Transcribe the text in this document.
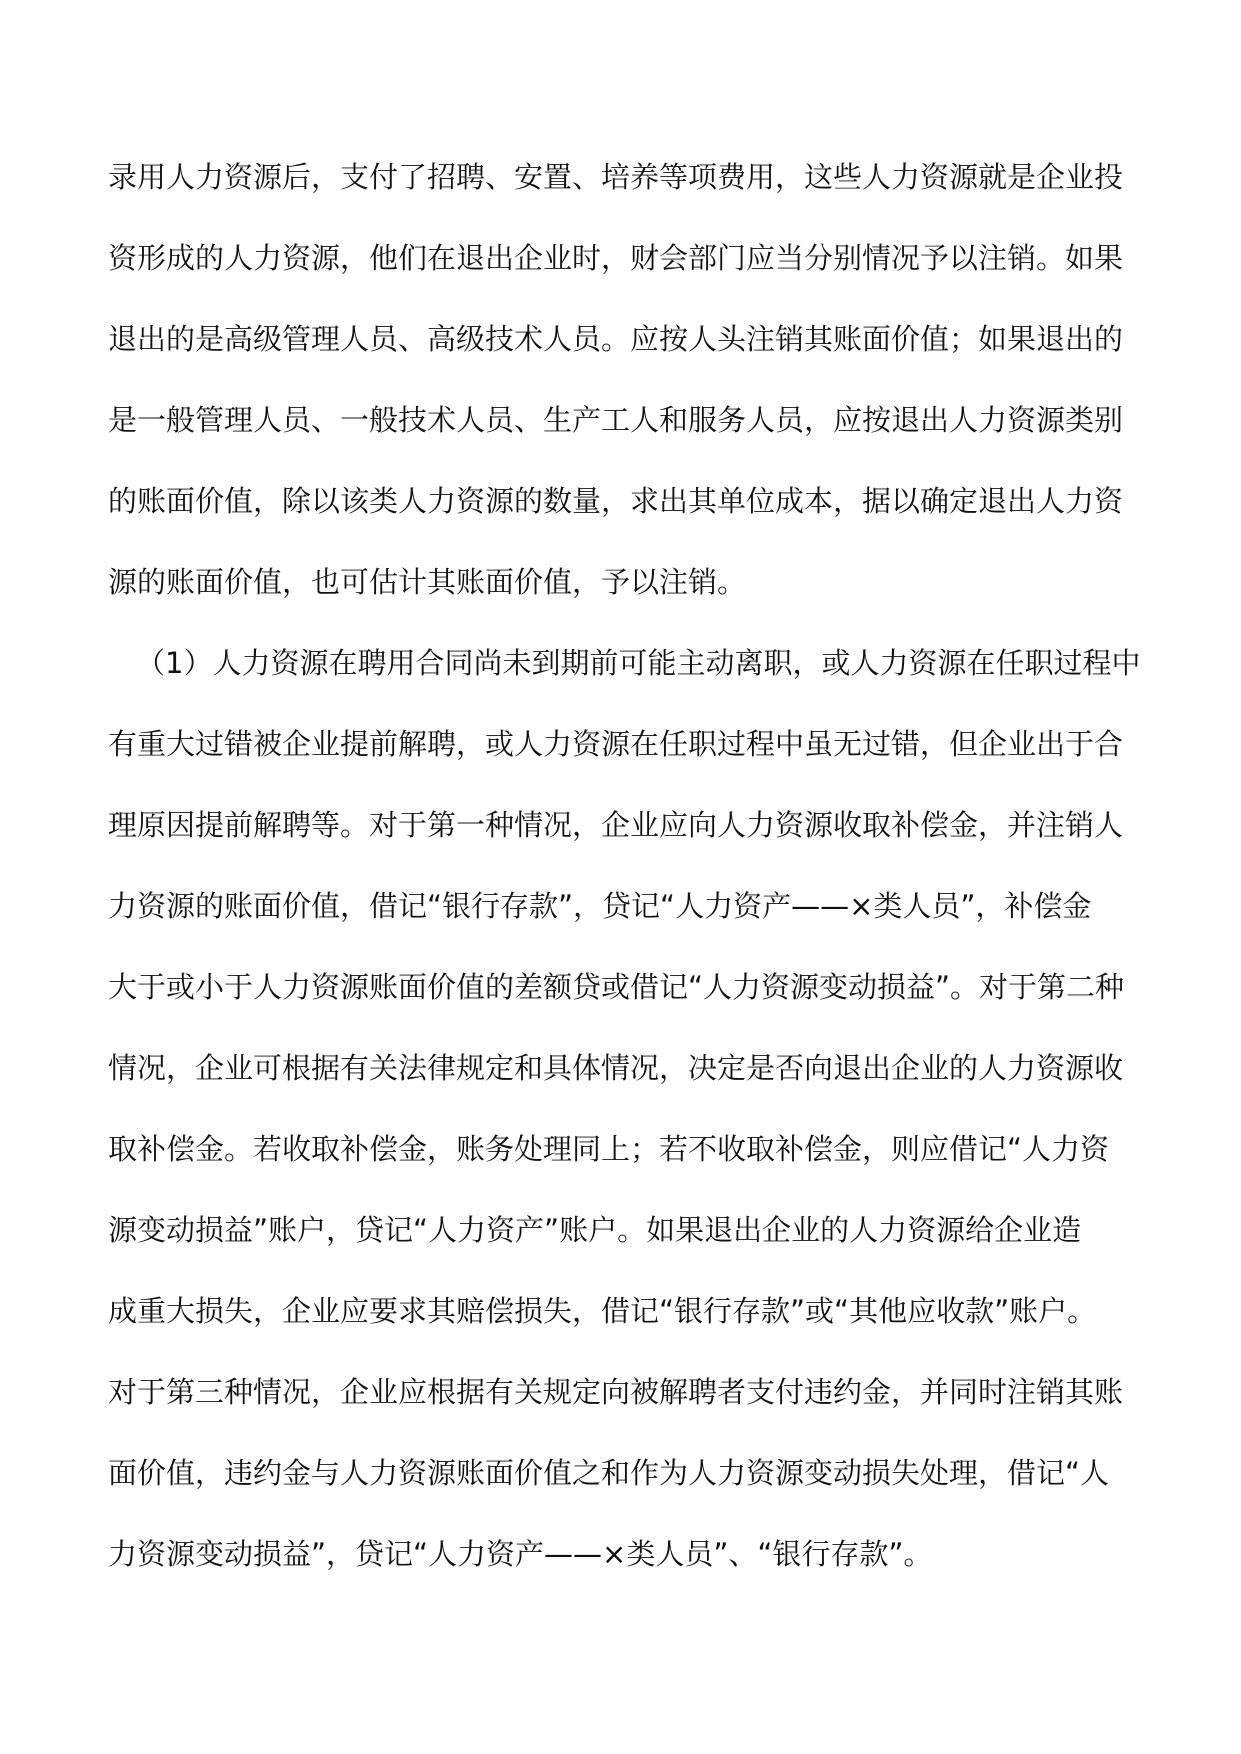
录用人力资源后，支付了招聘、安置、培养等项费用，这些人力资源就是企业投
资形成的人力资源，他们在退出企业时，财会部门应当分别情况予以注销。如果
退出的是高级管理人员、高级技术人员。应按人头注销其账面价值；如果退出的
是一般管理人员、一般技术人员、生产工人和服务人员，应按退出人力资源类别
的账面价值，除以该类人力资源的数量，求出其单位成本，据以确定退出人力资
源的账面价值，也可估计其账面价值，予以注销。
（1）人力资源在聘用合同尚未到期前可能主动离职，或人力资源在任职过程中
有重大过错被企业提前解聘，或人力资源在任职过程中虽无过错，但企业出于合
理原因提前解聘等。对于第一种情况，企业应向人力资源收取补偿金，并注销人
力资源的账面价值，借记“银行存款”，贷记“人力资产——×类人员”，补偿金
大于或小于人力资源账面价值的差额贷或借记“人力资源变动损益”。对于第二种
情况，企业可根据有关法律规定和具体情况，决定是否向退出企业的人力资源收
取补偿金。若收取补偿金，账务处理同上；若不收取补偿金，则应借记“人力资
源变动损益”账户，贷记“人力资产”账户。如果退出企业的人力资源给企业造
成重大损失，企业应要求其赔偿损失，借记“银行存款”或“其他应收款”账户。
对于第三种情况，企业应根据有关规定向被解聘者支付违约金，并同时注销其账
面价值，违约金与人力资源账面价值之和作为人力资源变动损失处理，借记“人
力资源变动损益”，贷记“人力资产——×类人员”、“银行存款”。
